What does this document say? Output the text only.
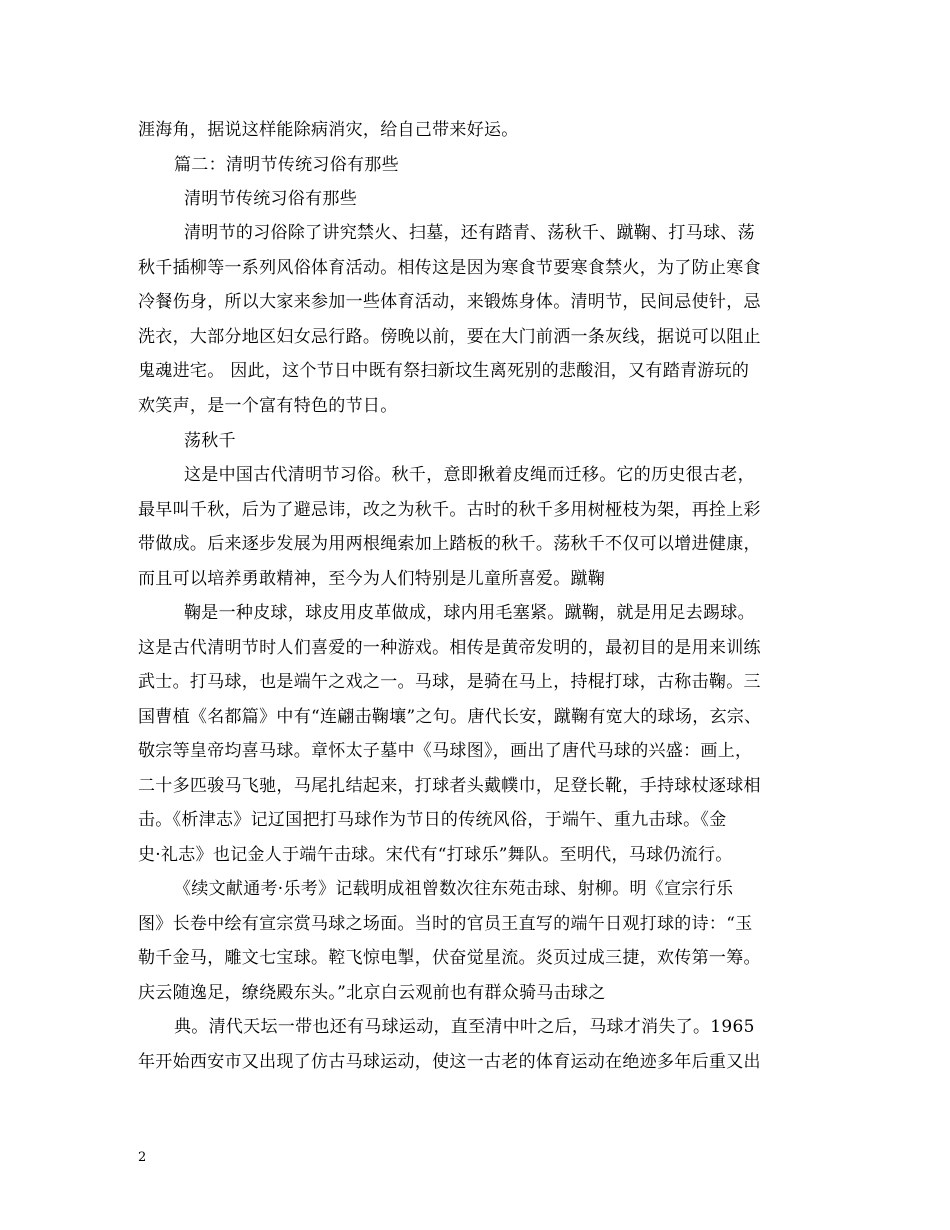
涯海角，据说这样能除病消灾，给自己带来好运。
篇二：清明节传统习俗有那些
清明节传统习俗有那些
清明节的习俗除了讲究禁火、扫墓，还有踏青、荡秋千、蹴鞠、打马球、荡
秋千插柳等一系列风俗体育活动。相传这是因为寒食节要寒食禁火，为了防止寒食
冷餐伤身，所以大家来参加一些体育活动，来锻炼身体。清明节，民间忌使针，忌
洗衣，大部分地区妇女忌行路。傍晚以前，要在大门前洒一条灰线，据说可以阻止
鬼魂进宅。 因此，这个节日中既有祭扫新坟生离死别的悲酸泪，又有踏青游玩的
欢笑声，是一个富有特色的节日。
荡秋千
这是中国古代清明节习俗。秋千，意即揪着皮绳而迁移。它的历史很古老，
最早叫千秋，后为了避忌讳，改之为秋千。古时的秋千多用树桠枝为架，再拴上彩
带做成。后来逐步发展为用两根绳索加上踏板的秋千。荡秋千不仅可以增进健康，
而且可以培养勇敢精神，至今为人们特别是儿童所喜爱。蹴鞠
鞠是一种皮球，球皮用皮革做成，球内用毛塞紧。蹴鞠，就是用足去踢球。
这是古代清明节时人们喜爱的一种游戏。相传是黄帝发明的，最初目的是用来训练
武士。打马球，也是端午之戏之一。马球，是骑在马上，持棍打球，古称击鞠。三
国曹植《名都篇》中有“连翩击鞠壤”之句。唐代长安，蹴鞠有宽大的球场，玄宗、
敬宗等皇帝均喜马球。章怀太子墓中《马球图》，画出了唐代马球的兴盛：画上，
二十多匹骏马飞驰，马尾扎结起来，打球者头戴幞巾，足登长靴，手持球杖逐球相
击。《析津志》记辽国把打马球作为节日的传统风俗，于端午、重九击球。《金
史·礼志》也记金人于端午击球。宋代有“打球乐”舞队。至明代，马球仍流行。
《续文献通考·乐考》记载明成祖曾数次往东苑击球、射柳。明《宣宗行乐
图》长卷中绘有宣宗赏马球之场面。当时的官员王直写的端午日观打球的诗：“玉
勒千金马，雕文七宝球。鞚飞惊电掣，伏奋觉星流。炎页过成三捷，欢传第一筹。
庆云随逸足，缭绕殿东头。”北京白云观前也有群众骑马击球之
典。清代天坛一带也还有马球运动，直至清中叶之后，马球才消失了。1965
年开始西安市又出现了仿古马球运动，使这一古老的体育运动在绝迹多年后重又出
2
